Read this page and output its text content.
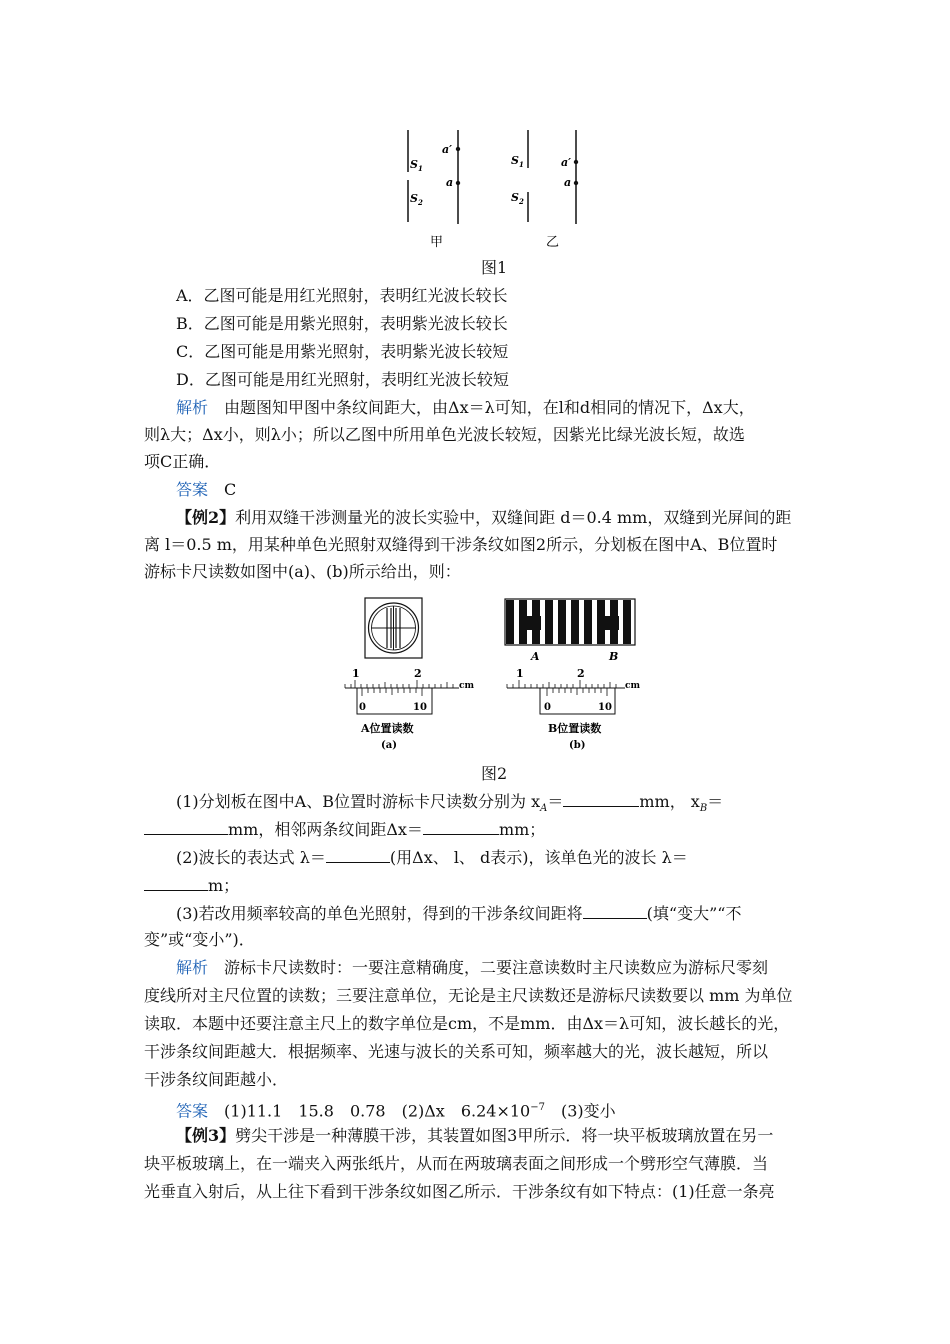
$S_1$
$S_2$
a′
a
甲
$S_1$
$S_2$
a′
a
乙
图1
A．乙图可能是用红光照射，表明红光波长较长
B．乙图可能是用紫光照射，表明紫光波长较长
C．乙图可能是用紫光照射，表明紫光波长较短
D．乙图可能是用红光照射，表明红光波长较短
解析　 由题图知甲图中条纹间距大，由Δx＝λ可知，在l和d相同的情况下，Δx大，
则λ大；Δx小，则λ小；所以乙图中所用单色光波长较短，因紫光比绿光波长短，故选
项C正确．
答案　 C
【例2】利用双缝干涉测量光的波长实验中，双缝间距 d＝0.4 mm，双缝到光屏间的距
离 l＝0.5 m，用某种单色光照射双缝得到干涉条纹如图2所示，分划板在图中A、B位置时
游标卡尺读数如图中(a)、(b)所示给出，则：
A	B
1	2
cm
0	10
A位置读数
(a)
1	2
cm
0	10
B位置读数
(b)
图2
(1)分划板在图中A、B位置时游标卡尺读数分别为 $x_A=$	mm， $x_B=$
mm，相邻两条纹间距Δx＝	mm；
(2)波长的表达式 λ＝	(用Δx、 l、 d表示)，该单色光的波长 λ＝
m；
(3)若改用频率较高的单色光照射，得到的干涉条纹间距将	(填“变大”“不
变”或“变小”)．
解析　 游标卡尺读数时：一要注意精确度，二要注意读数时主尺读数应为游标尺零刻
度线所对主尺位置的读数；三要注意单位，无论是主尺读数还是游标尺读数要以 mm 为单位
读取．本题中还要注意主尺上的数字单位是cm，不是mm．由Δx＝λ可知，波长越长的光，
干涉条纹间距越大．根据频率、光速与波长的关系可知，频率越大的光，波长越短，所以
干涉条纹间距越小．
答案　 (1)11.1　15.8　0.78　(2)Δx　$6.24\times 10^{-7}$　(3)变小
【例3】劈尖干涉是一种薄膜干涉，其装置如图3甲所示．将一块平板玻璃放置在另一
块平板玻璃上，在一端夹入两张纸片，从而在两玻璃表面之间形成一个劈形空气薄膜．当
光垂直入射后，从上往下看到干涉条纹如图乙所示．干涉条纹有如下特点：(1)任意一条亮
